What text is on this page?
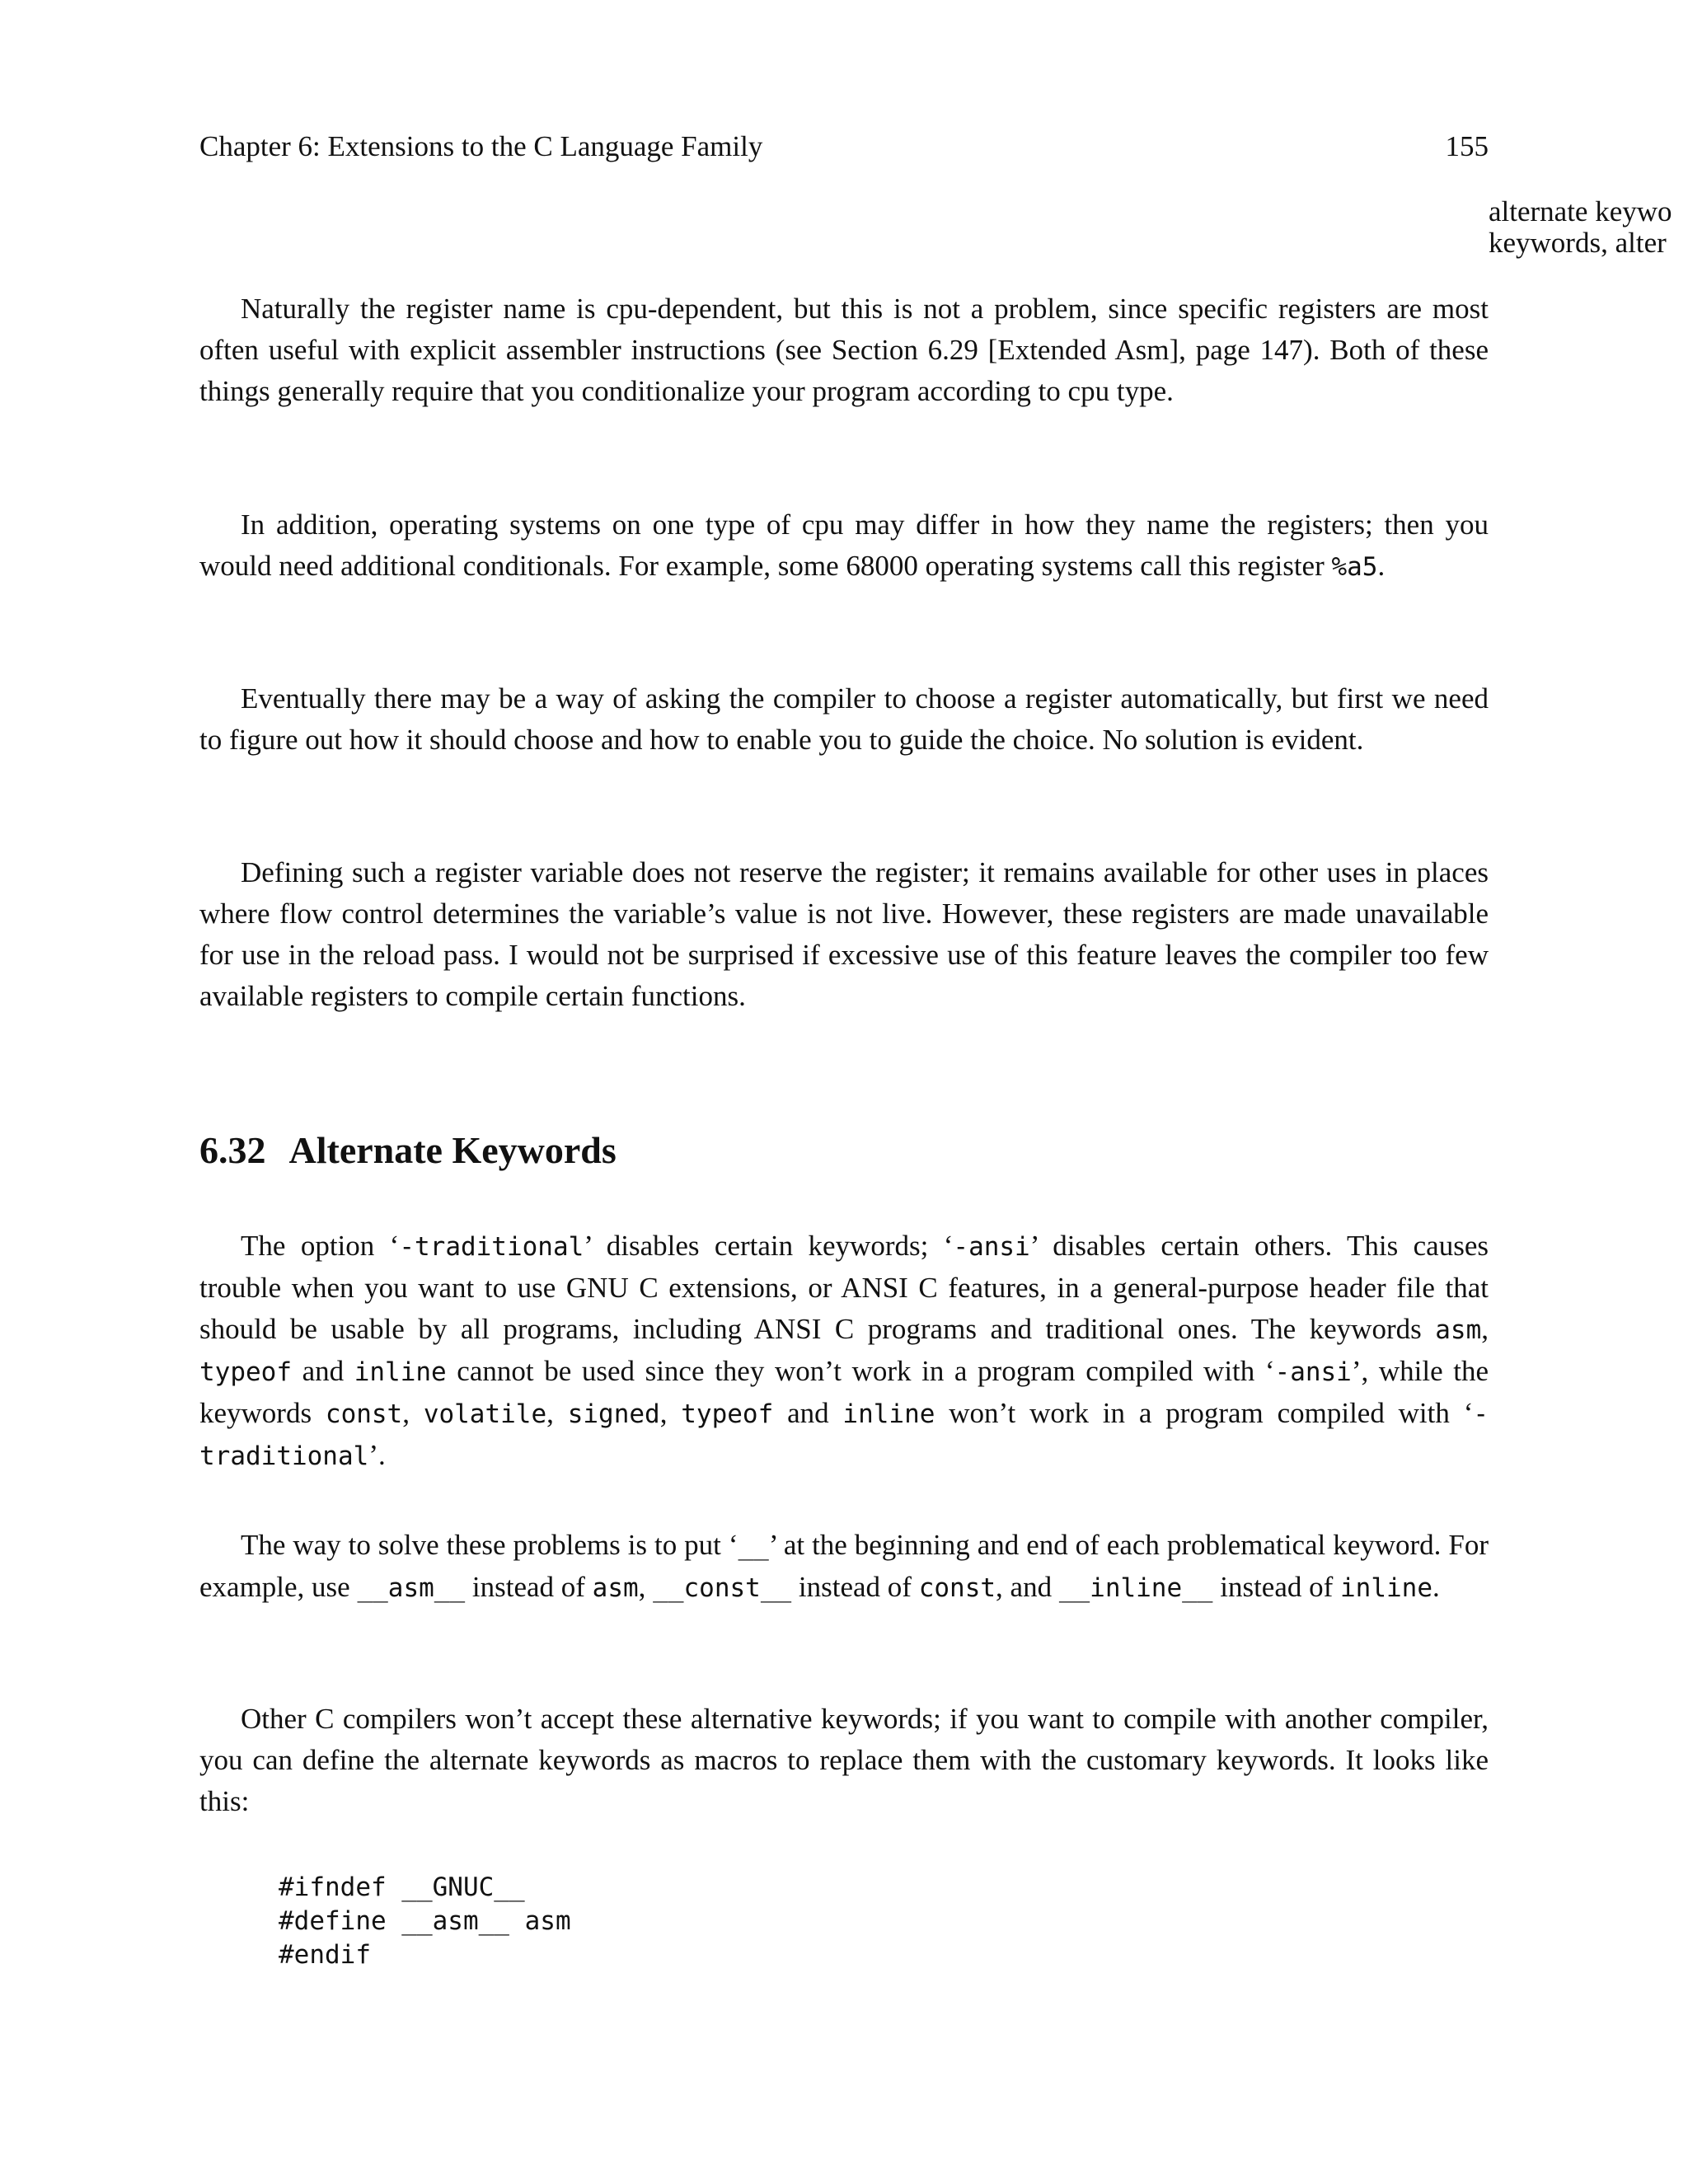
Chapter 6: Extensions to the C Language Family	155
alternate keywo
keywords, alter

Naturally the register name is cpu-dependent, but this is not a problem, since specific registers are most often useful with explicit assembler instructions (see Section 6.29 [Extended Asm], page 147). Both of these things generally require that you conditionalize your program according to cpu type.

In addition, operating systems on one type of cpu may differ in how they name the registers; then you would need additional conditionals. For example, some 68000 operating systems call this register %a5.

Eventually there may be a way of asking the compiler to choose a register automatically, but first we need to figure out how it should choose and how to enable you to guide the choice. No solution is evident.

Defining such a register variable does not reserve the register; it remains available for other uses in places where flow control determines the variable’s value is not live. However, these registers are made unavailable for use in the reload pass. I would not be surprised if excessive use of this feature leaves the compiler too few available registers to compile certain functions.

6.32 Alternate Keywords

The option ‘-traditional’ disables certain keywords; ‘-ansi’ disables certain others. This causes trouble when you want to use GNU C extensions, or ANSI C features, in a general-purpose header file that should be usable by all programs, including ANSI C programs and traditional ones. The keywords asm, typeof and inline cannot be used since they won’t work in a program compiled with ‘-ansi’, while the keywords const, volatile, signed, typeof and inline won’t work in a program compiled with ‘-traditional’.

The way to solve these problems is to put ‘__’ at the beginning and end of each problematical keyword. For example, use __asm__ instead of asm, __const__ instead of const, and __inline__ instead of inline.

Other C compilers won’t accept these alternative keywords; if you want to compile with another compiler, you can define the alternate keywords as macros to replace them with the customary keywords. It looks like this:

#ifndef __GNUC__
#define __asm__ asm
#endif
